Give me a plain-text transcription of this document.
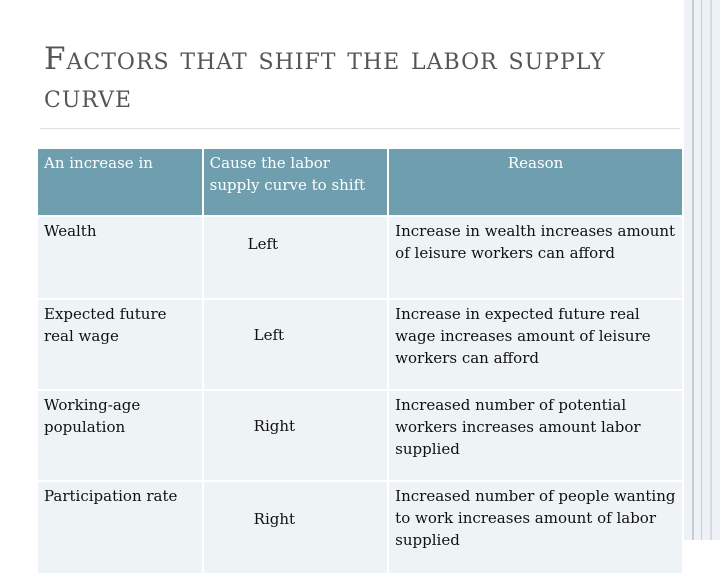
Factors that shift the labor supply curve
An increase in	Cause the labor supply curve to shift	Reason
Wealth	Left	Increase in wealth increases amount of leisure workers can afford
Expected future real wage	Left	Increase in expected future real wage increases amount of leisure workers can afford
Working-age population	Right	Increased number of potential workers increases amount labor supplied
Participation rate	Right	Increased number of people wanting to work increases amount of labor supplied
